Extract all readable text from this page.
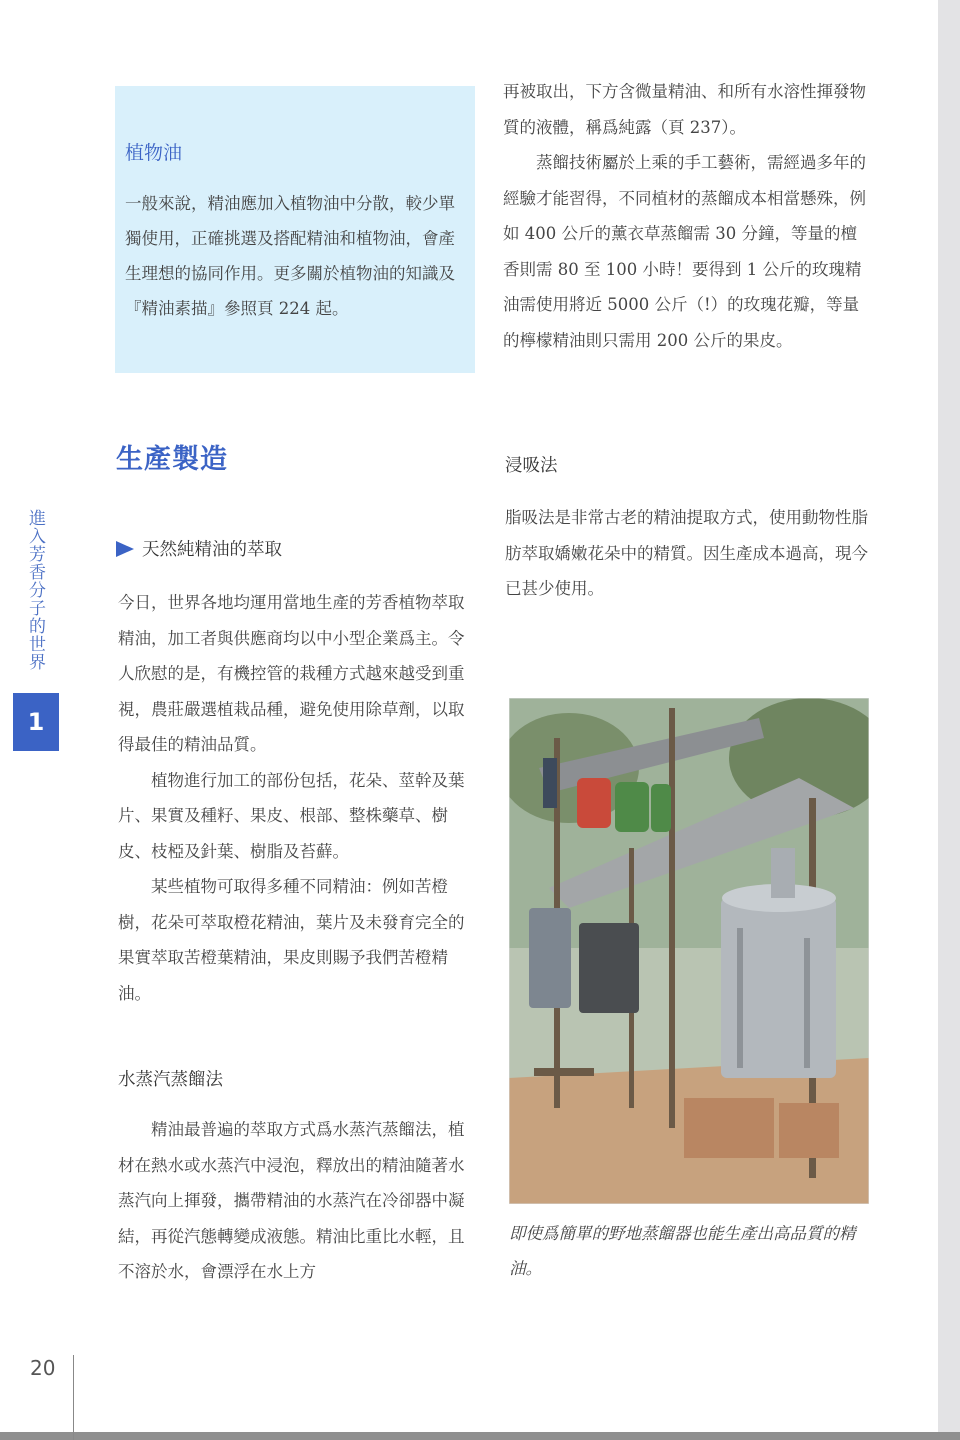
進入芳香分子的世界
1
20
植物油
一般來說，精油應加入植物油中分散，較少單獨使用，正確挑選及搭配精油和植物油，會產生理想的協同作用。更多關於植物油的知識及『精油素描』參照頁 224 起。
生產製造
天然純精油的萃取

今日，世界各地均運用當地生產的芳香植物萃取精油，加工者與供應商均以中小型企業爲主。令人欣慰的是，有機控管的栽種方式越來越受到重視，農莊嚴選植栽品種，避免使用除草劑，以取得最佳的精油品質。

植物進行加工的部份包括，花朵、莖幹及葉片、果實及種籽、果皮、根部、整株藥草、樹皮、枝椏及針葉、樹脂及苔蘚。

某些植物可取得多種不同精油：例如苦橙樹，花朵可萃取橙花精油，葉片及未發育完全的果實萃取苦橙葉精油，果皮則賜予我們苦橙精油。

水蒸汽蒸餾法

精油最普遍的萃取方式爲水蒸汽蒸餾法，植材在熱水或水蒸汽中浸泡，釋放出的精油隨著水蒸汽向上揮發，攜帶精油的水蒸汽在冷卻器中凝結，再從汽態轉變成液態。精油比重比水輕，且不溶於水，會漂浮在水上方

再被取出，下方含微量精油、和所有水溶性揮發物質的液體，稱爲純露（頁 237）。

蒸餾技術屬於上乘的手工藝術，需經過多年的經驗才能習得，不同植材的蒸餾成本相當懸殊，例如 400 公斤的薰衣草蒸餾需 30 分鐘，等量的檀香則需 80 至 100 小時！要得到 1 公斤的玫瑰精油需使用將近 5000 公斤（!）的玫瑰花瓣，等量的檸檬精油則只需用 200 公斤的果皮。

浸吸法

脂吸法是非常古老的精油提取方式，使用動物性脂肪萃取嬌嫩花朵中的精質。因生產成本過高，現今已甚少使用。

即使爲簡單的野地蒸餾器也能生產出高品質的精油。
